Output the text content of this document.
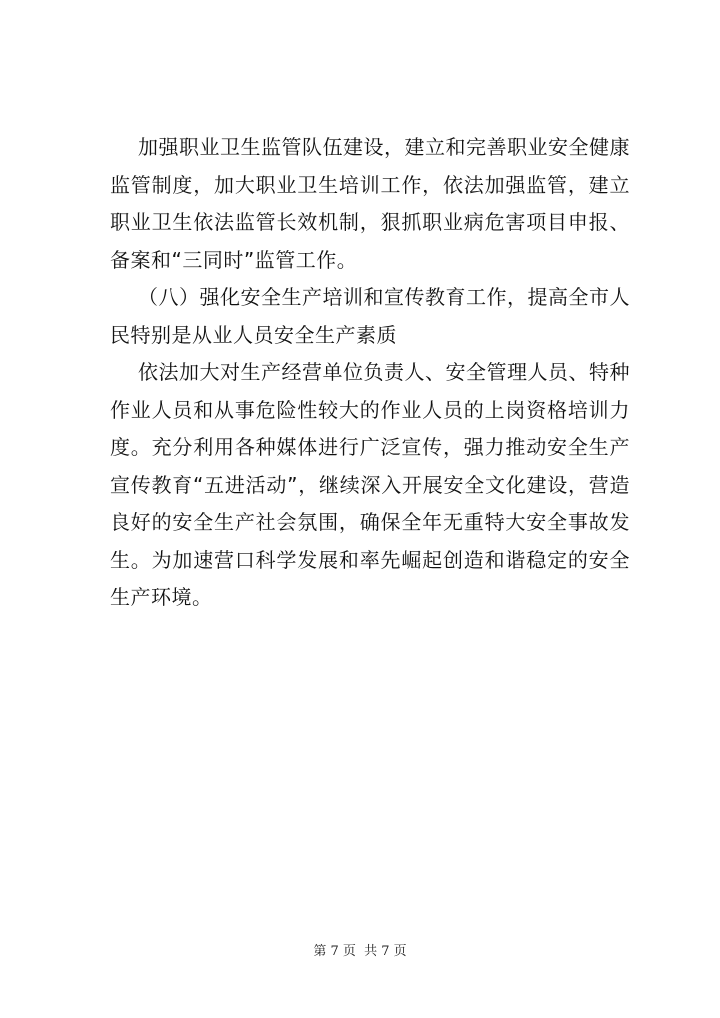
加强职业卫生监管队伍建设，建立和完善职业安全健康监管制度，加大职业卫生培训工作，依法加强监管，建立职业卫生依法监管长效机制，狠抓职业病危害项目申报、备案和“三同时”监管工作。

（八）强化安全生产培训和宣传教育工作，提高全市人民特别是从业人员安全生产素质

依法加大对生产经营单位负责人、安全管理人员、特种作业人员和从事危险性较大的作业人员的上岗资格培训力度。充分利用各种媒体进行广泛宣传，强力推动安全生产宣传教育“五进活动”，继续深入开展安全文化建设，营造良好的安全生产社会氛围，确保全年无重特大安全事故发生。为加速营口科学发展和率先崛起创造和谐稳定的安全生产环境。

第 7 页  共 7 页
